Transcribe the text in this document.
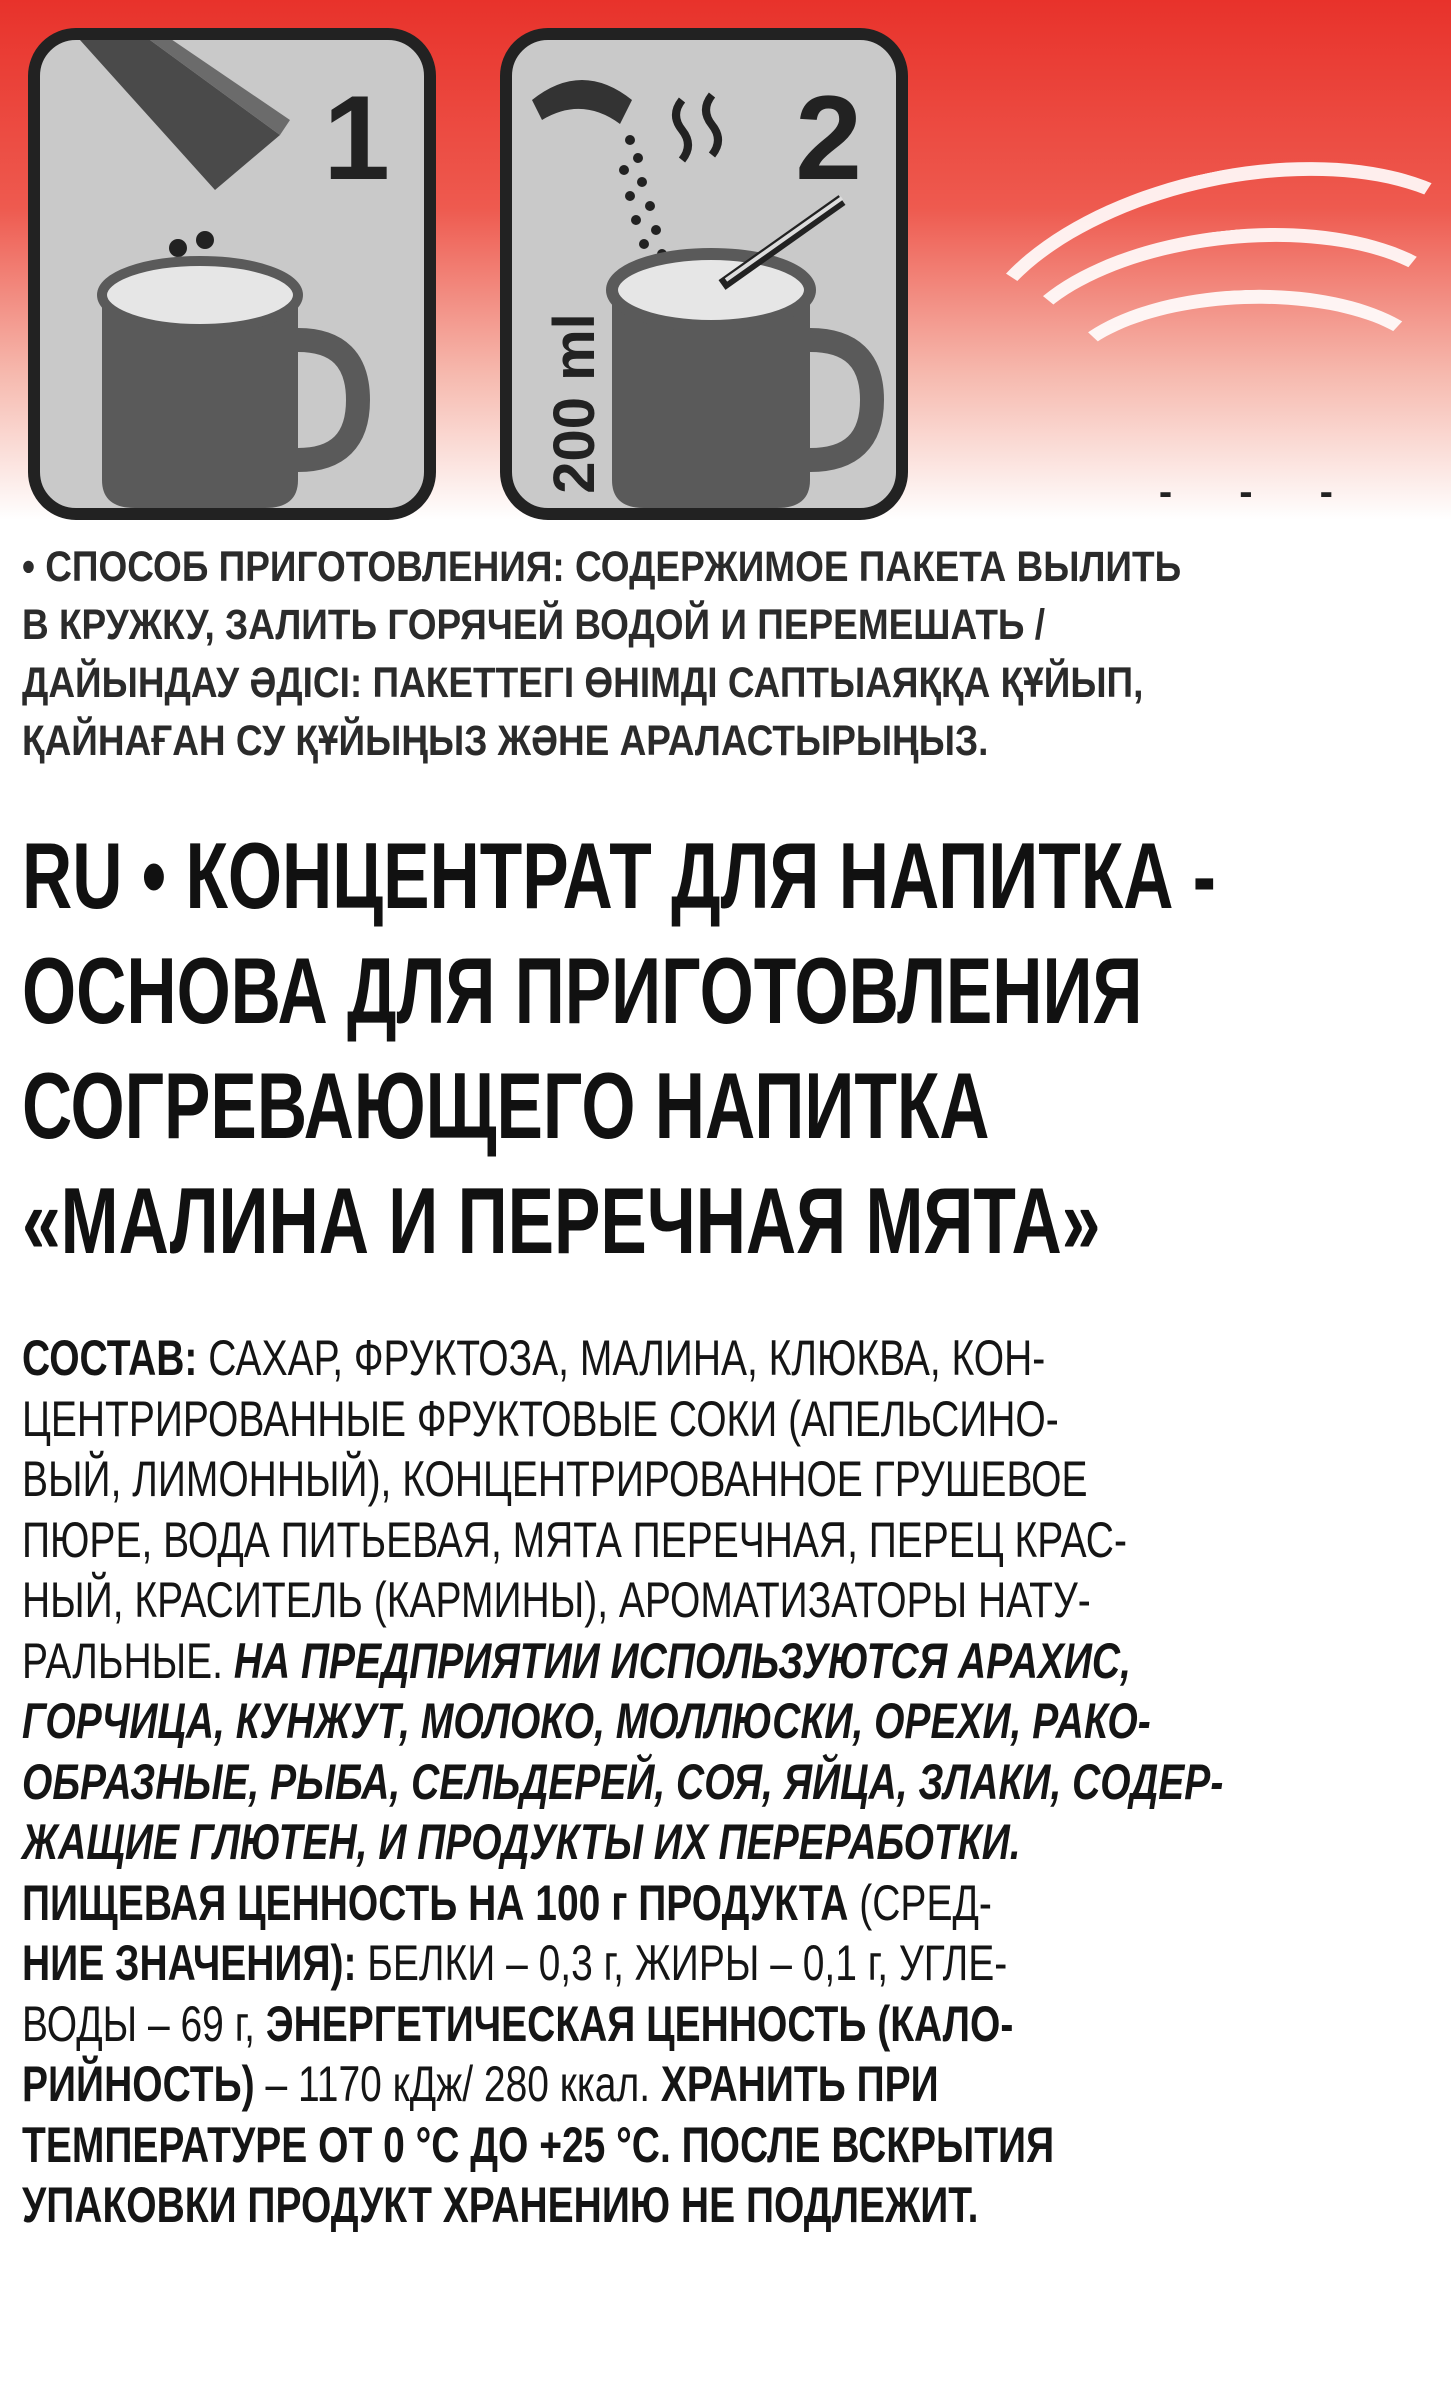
1	2
200 ml	- - -

• СПОСОБ ПРИГОТОВЛЕНИЯ: СОДЕРЖИМОЕ ПАКЕТА ВЫЛИТЬ

В КРУЖКУ, ЗАЛИТЬ ГОРЯЧЕЙ ВОДОЙ И ПЕРЕМЕШАТЬ /

ДАЙЫНДАУ ӘДІСІ: ПАКЕТТЕГІ ӨНІМДІ САПТЫАЯҚҚА ҚҰЙЫП,

ҚАЙНАҒАН СУ ҚҰЙЫҢЫЗ ЖӘНЕ АРАЛАСТЫРЫҢЫЗ.

RU • КОНЦЕНТРАТ ДЛЯ НАПИТКА -

ОСНОВА ДЛЯ ПРИГОТОВЛЕНИЯ

СОГРЕВАЮЩЕГО НАПИТКА

«МАЛИНА И ПЕРЕЧНАЯ МЯТА»

СОСТАВ: САХАР, ФРУКТОЗА, МАЛИНА, КЛЮКВА, КОН-

ЦЕНТРИРОВАННЫЕ ФРУКТОВЫЕ СОКИ (АПЕЛЬСИНО-

ВЫЙ, ЛИМОННЫЙ), КОНЦЕНТРИРОВАННОЕ ГРУШЕВОЕ

ПЮРЕ, ВОДА ПИТЬЕВАЯ, МЯТА ПЕРЕЧНАЯ, ПЕРЕЦ КРАС-

НЫЙ, КРАСИТЕЛЬ (КАРМИНЫ), АРОМАТИЗАТОРЫ НАТУ-

РАЛЬНЫЕ. НА ПРЕДПРИЯТИИ ИСПОЛЬЗУЮТСЯ АРАХИС,

ГОРЧИЦА, КУНЖУТ, МОЛОКО, МОЛЛЮСКИ, ОРЕХИ, РАКО-

ОБРАЗНЫЕ, РЫБА, СЕЛЬДЕРЕЙ, СОЯ, ЯЙЦА, ЗЛАКИ, СОДЕР-

ЖАЩИЕ ГЛЮТЕН, И ПРОДУКТЫ ИХ ПЕРЕРАБОТКИ.

ПИЩЕВАЯ ЦЕННОСТЬ НА 100 г ПРОДУКТА (СРЕД-

НИЕ ЗНАЧЕНИЯ): БЕЛКИ – 0,3 г, ЖИРЫ – 0,1 г, УГЛЕ-

ВОДЫ – 69 г, ЭНЕРГЕТИЧЕСКАЯ ЦЕННОСТЬ (КАЛО-

РИЙНОСТЬ) – 1170 кДж/ 280 ккал. ХРАНИТЬ ПРИ

ТЕМПЕРАТУРЕ ОТ 0 °С ДО +25 °С. ПОСЛЕ ВСКРЫТИЯ

УПАКОВКИ ПРОДУКТ ХРАНЕНИЮ НЕ ПОДЛЕЖИТ.
